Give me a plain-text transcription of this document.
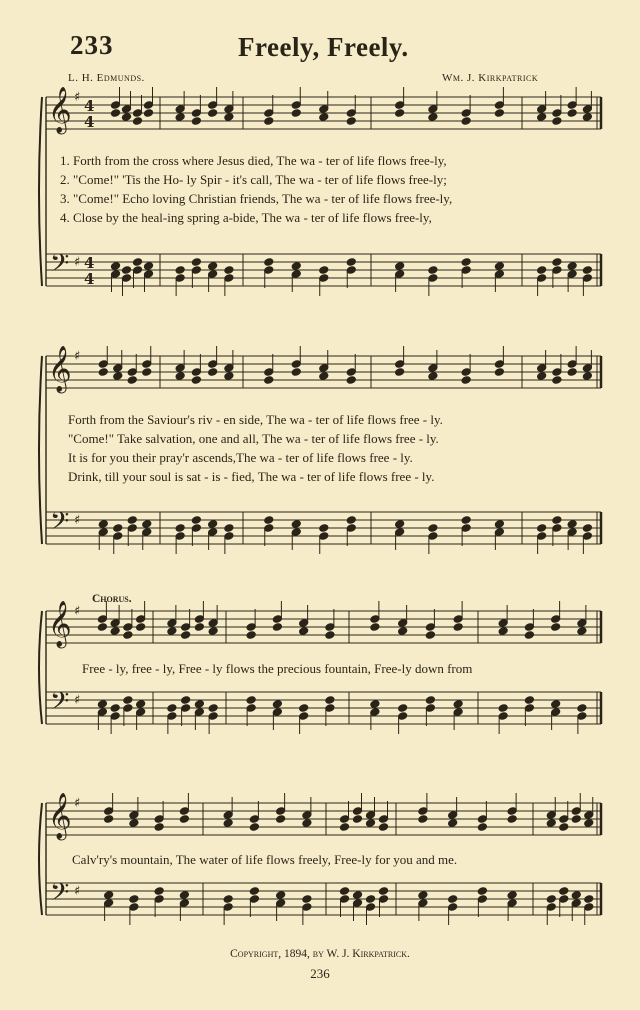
233	Freely, Freely.
L. H. Edmunds.	Wm. J. Kirkpatrick
1. Forth from the cross where Jesus died, The wa - ter of life flows free-ly,
2. "Come!" 'Tis the Ho- ly Spir - it's call, The wa - ter of life flows free-ly;
3. "Come!" Echo loving Christian friends, The wa - ter of life flows free-ly,
4. Close by the heal-ing spring a-bide, The wa - ter of life flows free-ly,
Forth from the Saviour's riv - en side, The wa - ter of life flows free - ly.
"Come!" Take salvation, one and all, The wa - ter of life flows free - ly.
It is for you their pray'r ascends,The wa - ter of life flows free - ly.
Drink, till your soul is sat - is - fied, The wa - ter of life flows free - ly.
Chorus.
Free - ly, free - ly, Free - ly flows the precious fountain, Free-ly down from
Calv'ry's mountain, The water of life flows freely, Free-ly for you and me.
Copyright, 1894, by W. J. Kirkpatrick.
236
𝄞
𝄢
♯
♯
4
4
4
4
𝄞
𝄢
♯
♯
𝄞
𝄢
♯
♯
𝄞
𝄢
♯
♯
